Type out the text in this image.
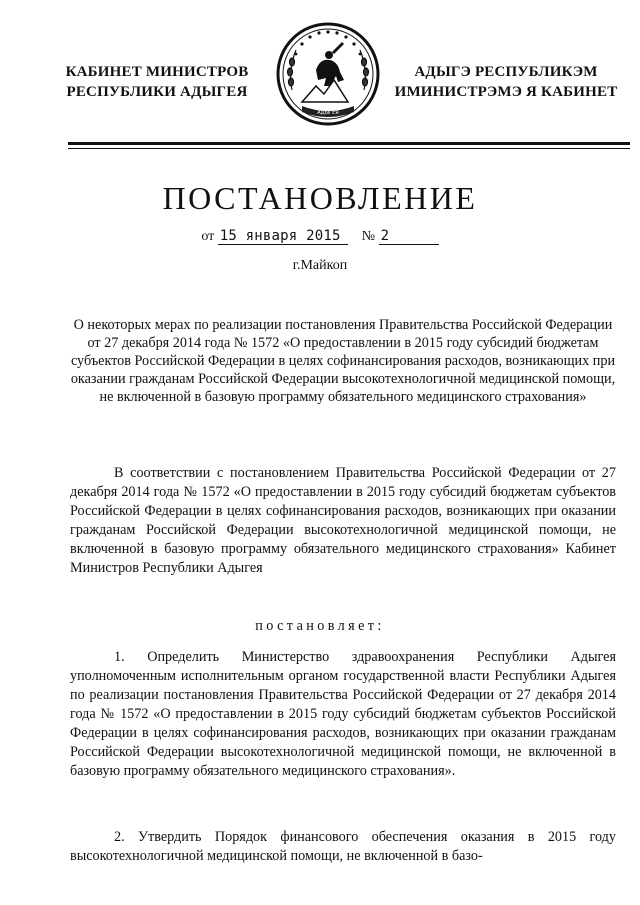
КАБИНЕТ МИНИСТРОВ
РЕСПУБЛИКИ АДЫГЕЯ
АДЫГЕЯ
АДЫГЭ РЕСПУБЛИКЭМ
ИМИНИСТРЭМЭ Я КАБИНЕТ
ПОСТАНОВЛЕНИЕ
от 15 января 2015 № 2
г.Майкоп
О некоторых мерах по реализации постановления Правительства Российской Федерации от 27 декабря 2014 года № 1572 «О предоставлении в 2015 году субсидий бюджетам субъектов Российской Федерации в целях софинансирования расходов, возникающих при оказании гражданам Российской Федерации высокотехнологичной медицинской помощи, не включенной в базовую программу обязательного медицинского страхования»

В соответствии с постановлением Правительства Российской Федерации от 27 декабря 2014 года № 1572 «О предоставлении в 2015 году субсидий бюджетам субъектов Российской Федерации в целях софинансирования расходов, возникающих при оказании гражданам Российской Федерации высокотехнологичной медицинской помощи, не включенной в базовую программу обязательного медицинского страхования» Кабинет Министров Республики Адыгея

постановляет:

1. Определить Министерство здравоохранения Республики Адыгея уполномоченным исполнительным органом государственной власти Республики Адыгея по реализации постановления Правительства Российской Федерации от 27 декабря 2014 года № 1572 «О предоставлении в 2015 году субсидий бюджетам субъектов Российской Федерации в целях софинансирования расходов, возникающих при оказании гражданам Российской Федерации высокотехнологичной медицинской помощи, не включенной в базовую программу обязательного медицинского страхования».

2. Утвердить Порядок финансового обеспечения оказания в 2015 году высокотехнологичной медицинской помощи, не включенной в базо-
